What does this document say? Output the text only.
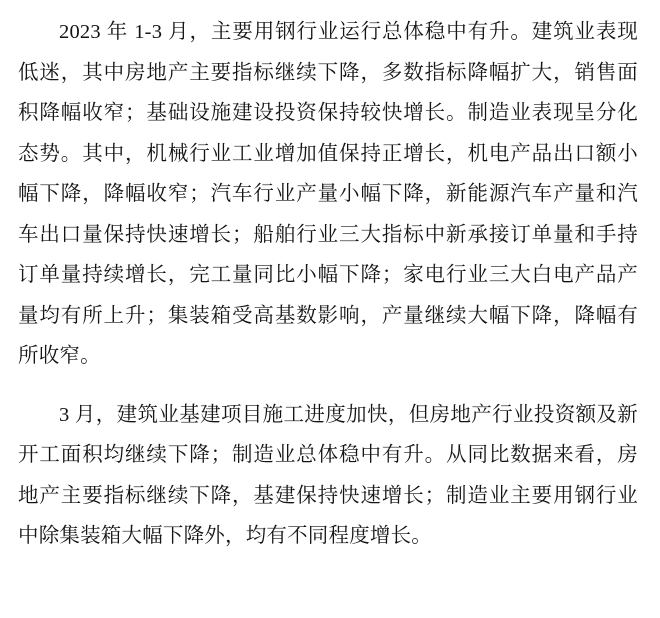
2023 年 1-3 月，主要用钢行业运行总体稳中有升。建筑业表现低迷，其中房地产主要指标继续下降，多数指标降幅扩大，销售面积降幅收窄；基础设施建设投资保持较快增长。制造业表现呈分化态势。其中，机械行业工业增加值保持正增长，机电产品出口额小幅下降，降幅收窄；汽车行业产量小幅下降，新能源汽车产量和汽车出口量保持快速增长；船舶行业三大指标中新承接订单量和手持订单量持续增长，完工量同比小幅下降；家电行业三大白电产品产量均有所上升；集装箱受高基数影响，产量继续大幅下降，降幅有所收窄。

3 月，建筑业基建项目施工进度加快，但房地产行业投资额及新开工面积均继续下降；制造业总体稳中有升。从同比数据来看，房地产主要指标继续下降，基建保持快速增长；制造业主要用钢行业中除集装箱大幅下降外，均有不同程度增长。
